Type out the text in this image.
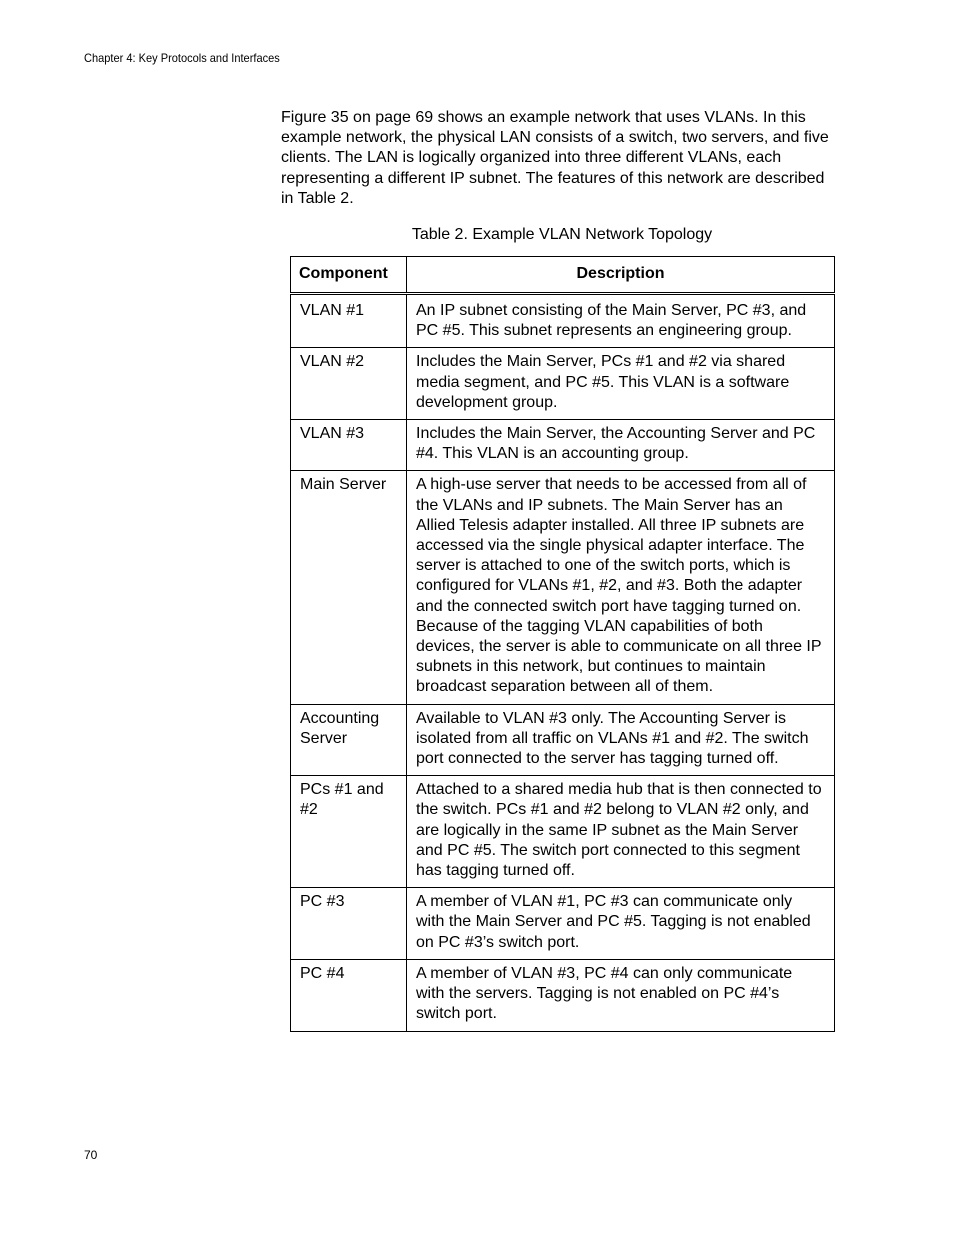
Chapter 4: Key Protocols and Interfaces

Figure 35 on page 69 shows an example network that uses VLANs. In this example network, the physical LAN consists of a switch, two servers, and five clients. The LAN is logically organized into three different VLANs, each representing a different IP subnet. The features of this network are described in Table 2.

Table 2. Example VLAN Network Topology
Component	Description
VLAN #1	An IP subnet consisting of the Main Server, PC #3, and PC #5. This subnet represents an engineering group.
VLAN #2	Includes the Main Server, PCs #1 and #2 via shared media segment, and PC #5. This VLAN is a software development group.
VLAN #3	Includes the Main Server, the Accounting Server and PC #4. This VLAN is an accounting group.
Main Server	A high-use server that needs to be accessed from all of the VLANs and IP subnets. The Main Server has an Allied Telesis adapter installed. All three IP subnets are accessed via the single physical adapter interface. The server is attached to one of the switch ports, which is configured for VLANs #1, #2, and #3. Both the adapter and the connected switch port have tagging turned on. Because of the tagging VLAN capabilities of both devices, the server is able to communicate on all three IP subnets in this network, but continues to maintain broadcast separation between all of them.
Accounting Server	Available to VLAN #3 only. The Accounting Server is isolated from all traffic on VLANs #1 and #2. The switch port connected to the server has tagging turned off.
PCs #1 and #2	Attached to a shared media hub that is then connected to the switch. PCs #1 and #2 belong to VLAN #2 only, and are logically in the same IP subnet as the Main Server and PC #5. The switch port connected to this segment has tagging turned off.
PC #3	A member of VLAN #1, PC #3 can communicate only with the Main Server and PC #5. Tagging is not enabled on PC #3’s switch port.
PC #4	A member of VLAN #3, PC #4 can only communicate with the servers. Tagging is not enabled on PC #4’s switch port.
70
